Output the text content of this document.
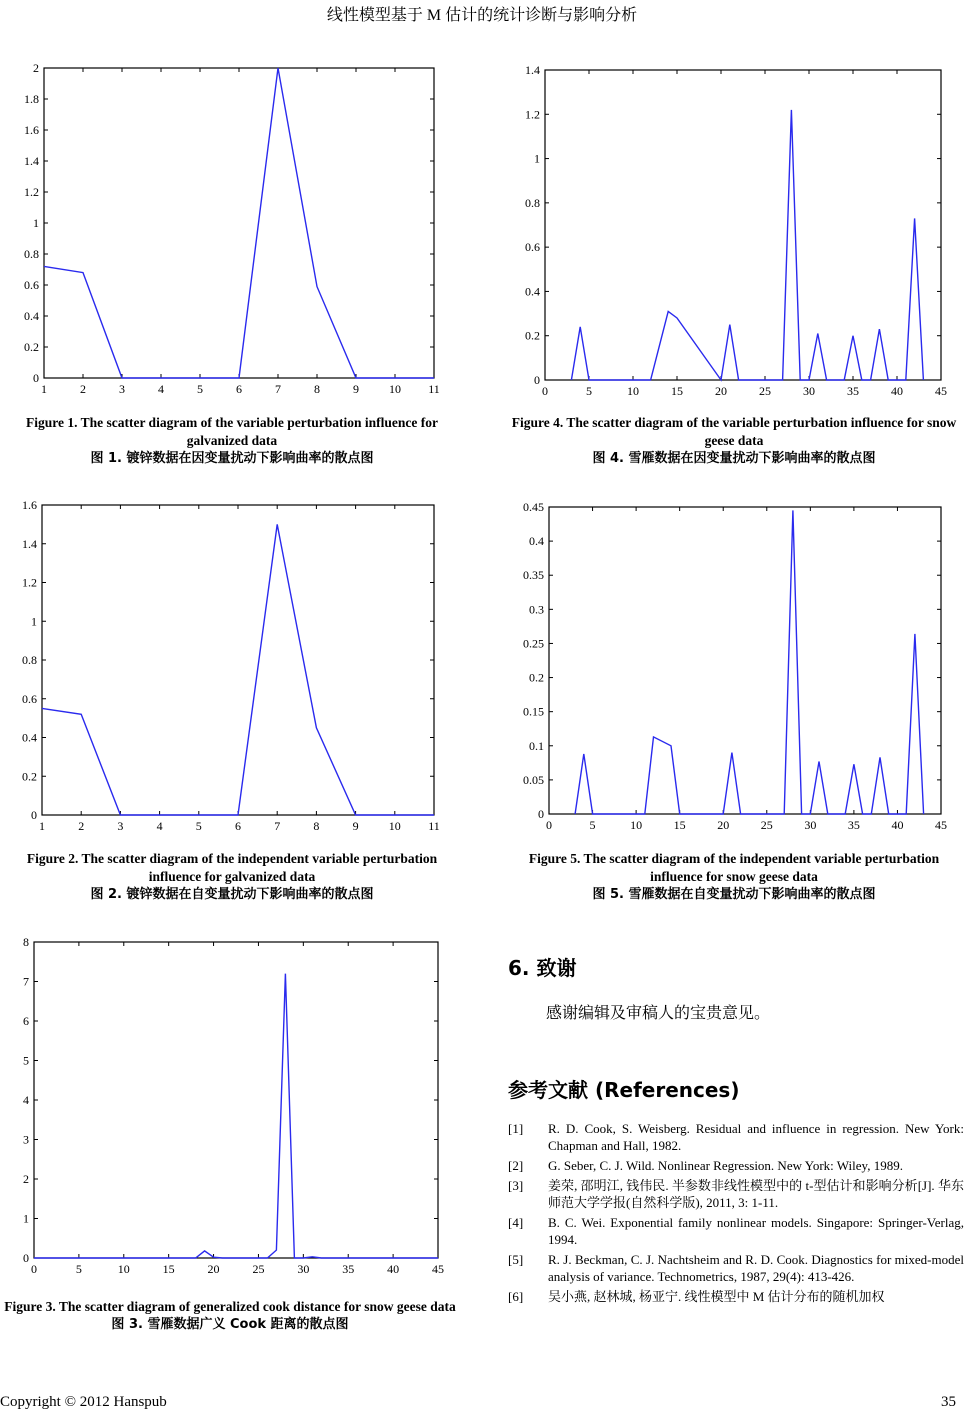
线性模型基于 M 估计的统计诊断与影响分析
1	2	3	4	5	6	7	8	9	10 11
0
0.2
0.4
0.6
0.8
1
1.2
1.4
1.6
1.8
2
Figure 1. The scatter diagram of the variable perturbation influence for galvanized data
图 1. 镀锌数据在因变量扰动下影响曲率的散点图
1	2	3	4	5	6	7	8	9	10 11
0
0.2
0.4
0.6
0.8
1
1.2
1.4
1.6
Figure 2. The scatter diagram of the independent variable perturbation influence for galvanized data
图 2. 镀锌数据在自变量扰动下影响曲率的散点图
0	5	10	15	20	25	30	35	40	45
0
1
2
3
4
5
6
7
8
Figure 3. The scatter diagram of generalized cook distance for snow geese data
图 3. 雪雁数据广义 Cook 距离的散点图
0	5	10	15	20	25	30	35	40	45
0
0.2
0.4
0.6
0.8
1
1.2
1.4
Figure 4. The scatter diagram of the variable perturbation influence for snow geese data
图 4. 雪雁数据在因变量扰动下影响曲率的散点图
0	5	10	15	20	25	30	35	40	45
0
0.05
0.1
0.15
0.2
0.25
0.3
0.35
0.4
0.45
Figure 5. The scatter diagram of the independent variable perturbation influence for snow geese data
图 5. 雪雁数据在自变量扰动下影响曲率的散点图
6. 致谢
感谢编辑及审稿人的宝贵意见。
参考文献 (References)
[1]	R. D. Cook, S. Weisberg. Residual and influence in regression. New York: Chapman and Hall, 1982.
[2]	G. Seber, C. J. Wild. Nonlinear Regression. New York: Wiley, 1989.
[3]	姜荣, 邵明江, 钱伟民. 半参数非线性模型中的 t-型估计和影响分析[J]. 华东师范大学学报(自然科学版), 2011, 3: 1-11.
[4]	B. C. Wei. Exponential family nonlinear models. Singapore: Springer-Verlag, 1994.
[5]	R. J. Beckman, C. J. Nachtsheim and R. D. Cook. Diagnostics for mixed-model analysis of variance. Technometrics, 1987, 29(4): 413-426.
[6]	吴小燕, 赵林城, 杨亚宁. 线性模型中 M 估计分布的随机加权
Copyright © 2012 Hanspub	35
